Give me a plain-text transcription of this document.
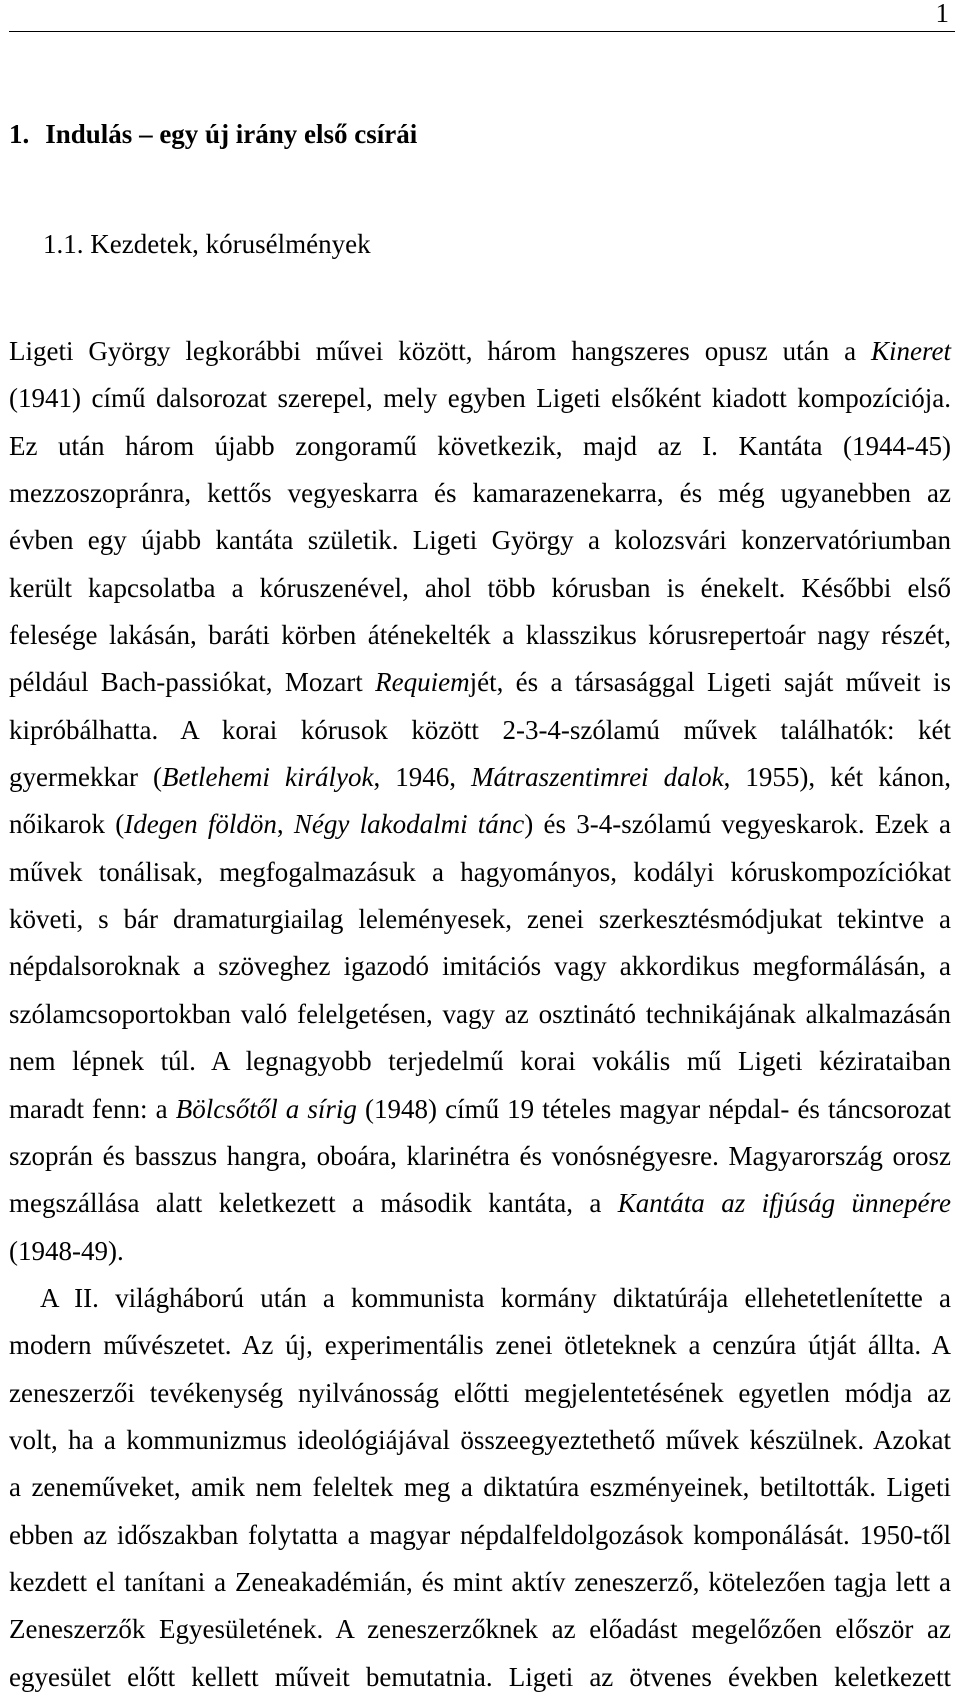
1
1. Indulás – egy új irány első csírái
1.1. Kezdetek, kórusélmények
Ligeti György legkorábbi művei között, három hangszeres opusz után a Kineret
(1941) című dalsorozat szerepel, mely egyben Ligeti elsőként kiadott kompozíciója.
Ez után három újabb zongoramű következik, majd az I. Kantáta (1944-45)
mezzoszopránra, kettős vegyeskarra és kamarazenekarra, és még ugyanebben az
évben egy újabb kantáta születik. Ligeti György a kolozsvári konzervatóriumban
került kapcsolatba a kóruszenével, ahol több kórusban is énekelt. Későbbi első
felesége lakásán, baráti körben áténekelték a klasszikus kórusrepertoár nagy részét,
például Bach-passiókat, Mozart Requiemjét, és a társasággal Ligeti saját műveit is
kipróbálhatta. A korai kórusok között 2-3-4-szólamú művek találhatók: két
gyermekkar (Betlehemi királyok, 1946, Mátraszentimrei dalok, 1955), két kánon,
nőikarok (Idegen földön, Négy lakodalmi tánc) és 3-4-szólamú vegyeskarok. Ezek a
művek tonálisak, megfogalmazásuk a hagyományos, kodályi kóruskompozíciókat
követi, s bár dramaturgiailag leleményesek, zenei szerkesztésmódjukat tekintve a
népdalsoroknak a szöveghez igazodó imitációs vagy akkordikus megformálásán, a
szólamcsoportokban való felelgetésen, vagy az osztinátó technikájának alkalmazásán
nem lépnek túl. A legnagyobb terjedelmű korai vokális mű Ligeti kézirataiban
maradt fenn: a Bölcsőtől a sírig (1948) című 19 tételes magyar népdal- és táncsorozat
szoprán és basszus hangra, oboára, klarinétra és vonósnégyesre. Magyarország orosz
megszállása alatt keletkezett a második kantáta, a Kantáta az ifjúság ünnepére
(1948-49).
A II. világháború után a kommunista kormány diktatúrája ellehetetlenítette a
modern művészetet. Az új, experimentális zenei ötleteknek a cenzúra útját állta. A
zeneszerzői tevékenység nyilvánosság előtti megjelentetésének egyetlen módja az
volt, ha a kommunizmus ideológiájával összeegyeztethető művek készülnek. Azokat
a zeneműveket, amik nem feleltek meg a diktatúra eszményeinek, betiltották. Ligeti
ebben az időszakban folytatta a magyar népdalfeldolgozások komponálását. 1950-től
kezdett el tanítani a Zeneakadémián, és mint aktív zeneszerző, kötelezően tagja lett a
Zeneszerzők Egyesületének. A zeneszerzőknek az előadást megelőzően először az
egyesület előtt kellett műveit bemutatnia. Ligeti az ötvenes években keletkezett
